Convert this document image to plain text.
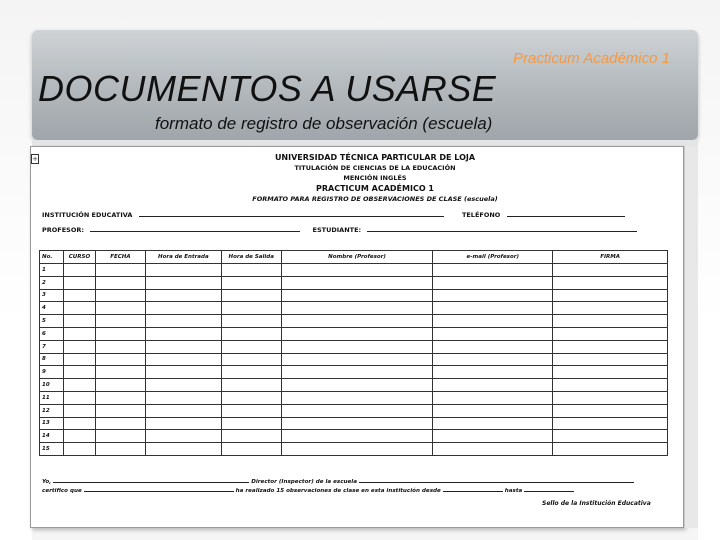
Practicum Académico 1
DOCUMENTOS A USARSE
formato de registro de observación (escuela)
+	UNIVERSIDAD TÉCNICA PARTICULAR DE LOJA
TITULACIÓN DE CIENCIAS DE LA EDUCACIÓN
MENCIÓN INGLÉS
PRACTICUM ACADÉMICO 1
FORMATO PARA REGISTRO DE OBSERVACIONES DE CLASE (escuela)
INSTITUCIÓN EDUCATIVA	TELÉFONO
PROFESOR:	ESTUDIANTE:
No.	CURSO	FECHA	Hora de Entrada	Hora de Salida	Nombre (Profesor)	e-mail (Profesor)	FIRMA
1							
2							
3							
4							
5							
6							
7							
8							
9							
10							
11							
12							
13							
14							
15							
Yo,	Director (Inspector) de la escuela
certifico que	ha realizado 15 observaciones de clase en esta institución desde	hasta
Sello de la Institución Educativa
